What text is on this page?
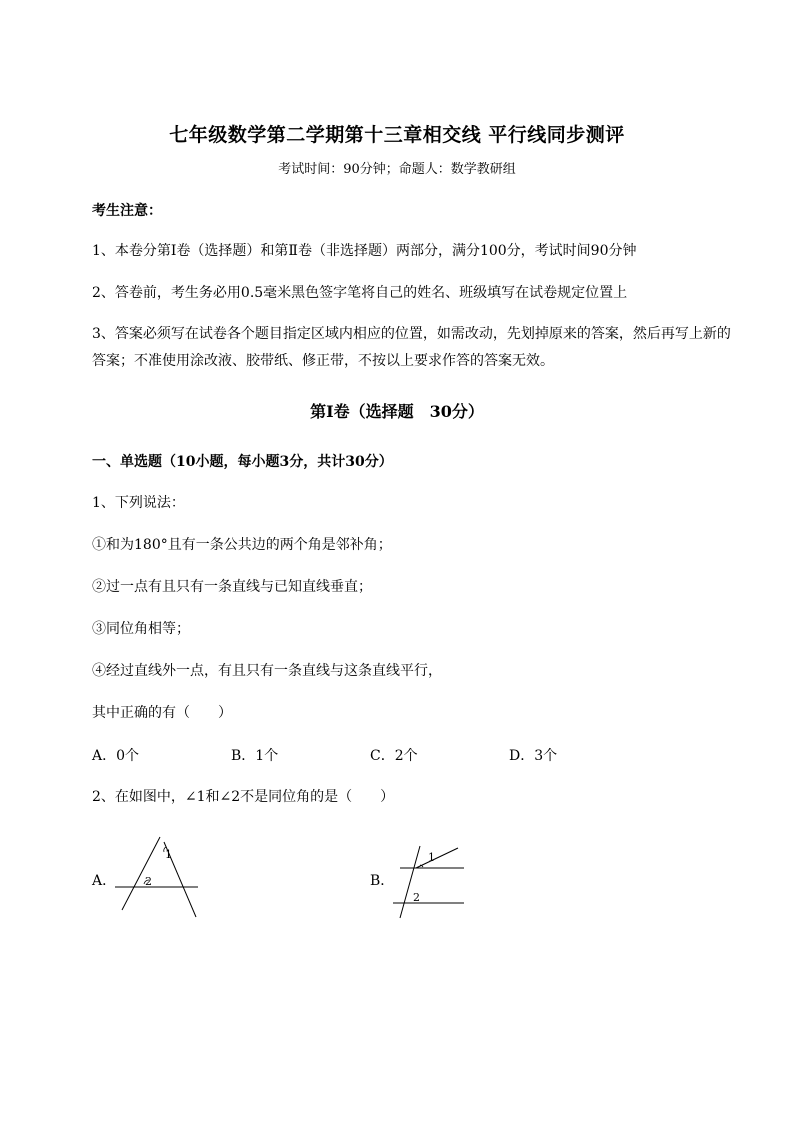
七年级数学第二学期第十三章相交线 平行线同步测评
考试时间：90分钟；命题人：数学教研组
考生注意：
1、本卷分第I卷（选择题）和第Ⅱ卷（非选择题）两部分，满分100分，考试时间90分钟
2、答卷前，考生务必用0.5毫米黑色签字笔将自己的姓名、班级填写在试卷规定位置上
3、答案必须写在试卷各个题目指定区域内相应的位置，如需改动，先划掉原来的答案，然后再写上新的答案；不准使用涂改液、胶带纸、修正带，不按以上要求作答的答案无效。
第I卷（选择题　30分）
一、单选题（10小题，每小题3分，共计30分）
1、下列说法：
①和为180°且有一条公共边的两个角是邻补角；
②过一点有且只有一条直线与已知直线垂直；
③同位角相等；
④经过直线外一点，有且只有一条直线与这条直线平行，
其中正确的有（　　）
A．0个	B．1个	C．2个	D．3个
2、在如图中，∠1和∠2不是同位角的是（　　）
A．
1
2	B．
1
2
